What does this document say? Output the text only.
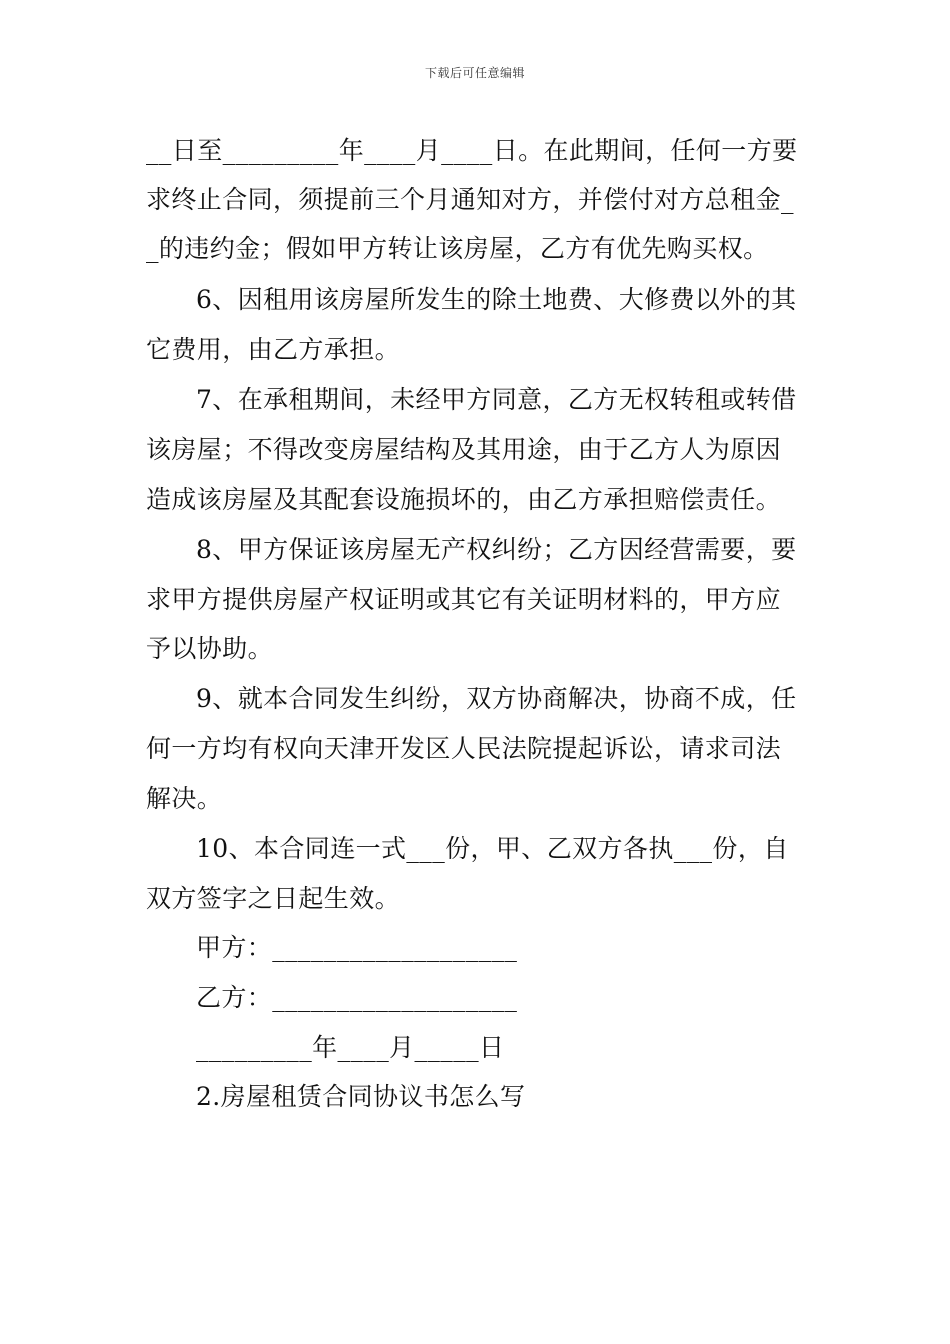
下载后可任意编辑
__日至_________年____月____日。在此期间，任何一方要
求终止合同，须提前三个月通知对方，并偿付对方总租金_
_的违约金；假如甲方转让该房屋，乙方有优先购买权。
6、因租用该房屋所发生的除土地费、大修费以外的其
它费用，由乙方承担。
7、在承租期间，未经甲方同意，乙方无权转租或转借
该房屋；不得改变房屋结构及其用途，由于乙方人为原因
造成该房屋及其配套设施损坏的，由乙方承担赔偿责任。
8、甲方保证该房屋无产权纠纷；乙方因经营需要，要
求甲方提供房屋产权证明或其它有关证明材料的，甲方应
予以协助。
9、就本合同发生纠纷，双方协商解决，协商不成，任
何一方均有权向天津开发区人民法院提起诉讼，请求司法
解决。
10、本合同连一式___份，甲、乙双方各执___份，自
双方签字之日起生效。
甲方：___________________
乙方：___________________
_________年____月_____日
2.房屋租赁合同协议书怎么写
